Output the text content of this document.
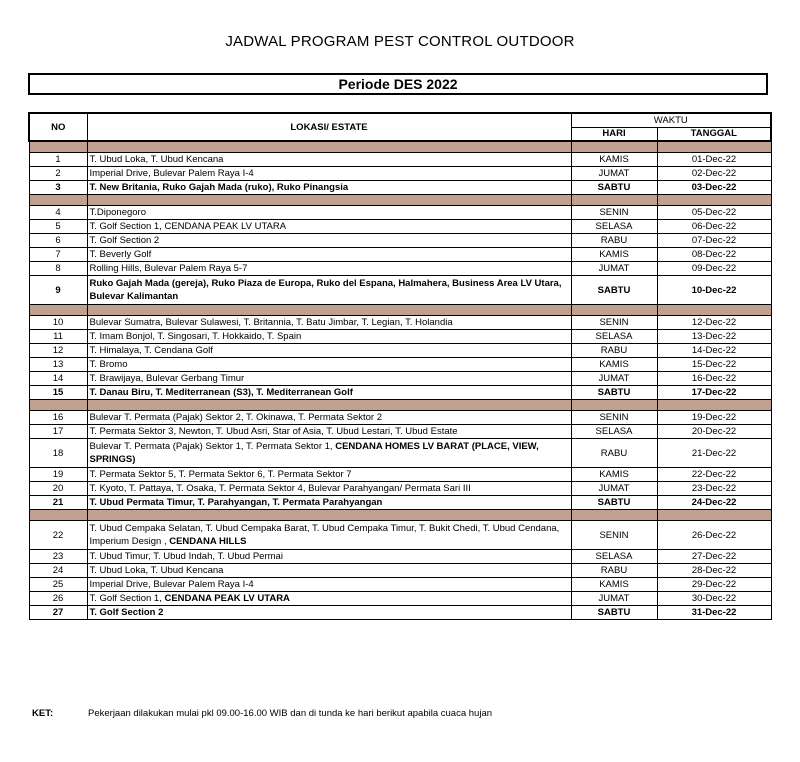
JADWAL PROGRAM PEST CONTROL OUTDOOR
Periode DES 2022
NO	LOKASI/ ESTATE	WAKTU	
		HARI	TANGGAL

1	T. Ubud Loka, T. Ubud Kencana	KAMIS	01-Dec-22
2	Imperial Drive, Bulevar Palem Raya I-4	JUMAT	02-Dec-22
3	T. New Britania, Ruko Gajah Mada (ruko), Ruko Pinangsia	SABTU	03-Dec-22

4	T.Diponegoro	SENIN	05-Dec-22
5	T. Golf Section 1, CENDANA PEAK LV UTARA	SELASA	06-Dec-22
6	T. Golf Section 2	RABU	07-Dec-22
7	T. Beverly Golf	KAMIS	08-Dec-22
8	Rolling Hills, Bulevar Palem Raya 5-7	JUMAT	09-Dec-22
9	Ruko Gajah Mada (gereja), Ruko Piaza de Europa, Ruko del Espana, Halmahera, Business Area LV Utara, Bulevar Kalimantan	SABTU	10-Dec-22

10	Bulevar Sumatra, Bulevar Sulawesi, T. Britannia, T. Batu Jimbar, T. Legian, T. Holandia	SENIN	12-Dec-22
11	T. Imam Bonjol, T. Singosari, T. Hokkaido, T. Spain	SELASA	13-Dec-22
12	T. Himalaya, T. Cendana Golf	RABU	14-Dec-22
13	T. Bromo	KAMIS	15-Dec-22
14	T. Brawijaya, Bulevar Gerbang Timur	JUMAT	16-Dec-22
15	T. Danau Biru, T. Mediterranean (S3), T. Mediterranean Golf	SABTU	17-Dec-22

16	Bulevar T. Permata (Pajak) Sektor 2, T. Okinawa, T. Permata Sektor 2	SENIN	19-Dec-22
17	T. Permata Sektor 3, Newton, T. Ubud Asri, Star of Asia, T. Ubud Lestari, T. Ubud Estate	SELASA	20-Dec-22
18	Bulevar T. Permata (Pajak) Sektor 1, T. Permata Sektor 1, CENDANA HOMES LV BARAT (PLACE, VIEW, SPRINGS)	RABU	21-Dec-22
19	T. Permata Sektor 5, T. Permata Sektor 6, T. Permata Sektor 7	KAMIS	22-Dec-22
20	T. Kyoto, T. Pattaya, T. Osaka, T. Permata Sektor 4, Bulevar Parahyangan/ Permata Sari III	JUMAT	23-Dec-22
21	T. Ubud Permata Timur, T. Parahyangan, T. Permata Parahyangan	SABTU	24-Dec-22

22	T. Ubud Cempaka Selatan, T. Ubud Cempaka Barat, T. Ubud Cempaka Timur, T. Bukit Chedi, T. Ubud Cendana, Imperium Design , CENDANA HILLS	SENIN	26-Dec-22
23	T. Ubud Timur, T. Ubud Indah, T. Ubud Permai	SELASA	27-Dec-22
24	T. Ubud Loka, T. Ubud Kencana	RABU	28-Dec-22
25	Imperial Drive, Bulevar Palem Raya I-4	KAMIS	29-Dec-22
26	T. Golf Section 1, CENDANA PEAK LV UTARA	JUMAT	30-Dec-22
27	T. Golf Section 2	SABTU	31-Dec-22
KET:	Pekerjaan dilakukan mulai pkl 09.00-16.00 WIB dan di tunda ke hari berikut apabila cuaca hujan
